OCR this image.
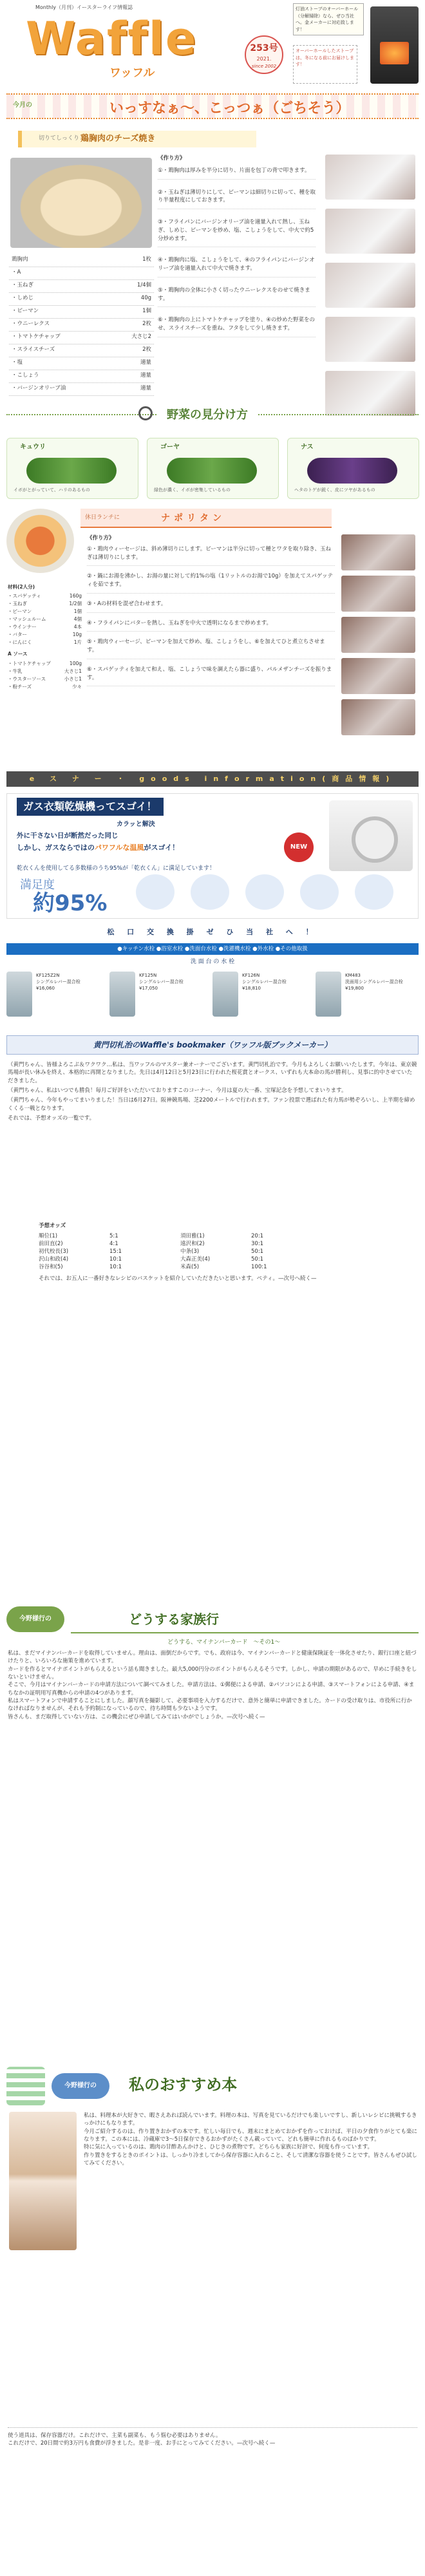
Monthly（月刊）イースターライフ情報誌
Waffle
ワッフル
253号
2021.
since 2002
灯油ストーブのオーバーホール（分解掃除）なら、ぜひ当社へ。金メーカーに対応致します！
オーバーホールしたストーブは、冬になる前にお届けします！
今月の	いっすなぁ〜、こっつぁ（ごちそう）
切りてしっくり 鶏胸肉のチーズ焼き
鶏胸肉	1枚
・A
・玉ねぎ	1/4個
・しめじ	40g
・ピーマン	1個
・ウニーレクス	2枚
・トマトケチャップ	大さじ2
・スライスチーズ	2枚
・塩	適量
・こしょう	適量
・バージンオリーブ油	適量
《作り方》

①・鶏胸肉は厚みを半分に切り、片面を包丁の背で叩きます。

②・玉ねぎは薄切りにして、ピーマンは細切りに切って、種を取り半量程度にしておきます。

③・フライパンにバージンオリーブ油を適量入れて熱し、玉ねぎ、しめじ、ピーマンを炒め、塩、こしょうをして、中火で約5分炒めます。

④・鶏胸肉に塩、こしょうをして、④のフライパンにバージンオリーブ油を適量入れて中火で焼きます。

⑤・鶏胸肉の全体に小さく切ったウニーレクスをのせて焼きます。

⑥・鶏胸肉の上にトマトケチャップを塗り、④の炒めた野菜をのせ、スライスチーズを重ね、フタをして少し焼きます。

野菜の見分け方
キュウリ
イボがとがっていて、ハリのあるもの
ゴーヤ
緑色が濃く、イボが密集しているもの
ナス
ヘタのトゲが鋭く、皮にツヤがあるもの
休日ランチに	ナポリタン
材料(2人分)
・スパゲッティ	160g
・玉ねぎ	1/2個
・ピーマン	1個
・マッシュルーム	4個
・ウインナー	4本
・バター	10g
・にんにく	1片
A ソース
・トマトケチャップ	100g
・牛乳	大さじ1
・ウスターソース	小さじ1
・粉チーズ	少々
《作り方》

①・鶏肉ウィーセージは、斜め薄切りにします。ピーマンは半分に切って種とワタを取り除き、玉ねぎは薄切りにします。

②・鍋にお湯を沸かし、お湯の量に対して約1%の塩（1リットルのお湯で10g）を加えてスパゲッティを茹でます。

③・Aの材料を混ぜ合わせます。

④・フライパンにバターを熱し、玉ねぎを中火で透明になるまで炒めます。

⑤・鶏肉ウィーセージ、ピーマンを加えて炒め、塩、こしょうをし、⑥を加えてひと煮立ちさせます。

⑥・スパゲッティを加えて和え、塩、こしょうで味を調えたら器に盛り、パルメザンチーズを振ります。

e ス ナ ー ・ goods information(商品情報)
ガス衣類乾燥機ってスゴイ！
カラッと解決
外に干さない日が断然だった同じ
しかし、ガスならではのパワフルな温風がスゴイ！	NEW
乾衣くんを使用してる多数様のうち95%が「乾衣くん」に満足しています！
満足度
約95%
松 口 交 換 掛 ゼ ひ 当 社 へ ！
●キッチン水栓 ●浴室水栓 ●洗面台水栓 ●洗濯機水栓 ●外水栓 ●その他取扱
洗 面 台 の 水 栓
KF125Z2N
シングルレバー混合栓
¥16,060
KF125N
シングルレバー混合栓
¥17,050
KF126N
シングルレバー混合栓
¥18,810
KM483
洗面用シングルレバー混合栓
¥19,800
黄門切札治のWaffle's bookmaker（ワッフル版ブックメーカー）

（黄門ちゃん、皆様よろこぶ＆ワクワク…私は、当ワッフルのマスター兼オーナーでございます。黄門切札治です。今月もよろしくお願いいたします。今年は、東京競馬場が長い休みを終え、本格的に再開となりました。先日は4月12日と5月23日に行われた桜花賞とオークス、いずれも大本命の馬が勝利し、見事に的中させていただきました。

（黄門ちゃん、私はいつでも勝負！毎月ご好評をいただいておりますこのコーナー、今月は夏の大一番、宝塚記念を予想してまいります。

（黄門ちゃん、今年もやってまいりました！当日は6月27日。阪神競馬場、芝2200メートルで行われます。ファン投票で選ばれた有力馬が勢ぞろいし、上半期を締めくくる一戦となります。

それでは、予想オッズの一覧です。

予想オッズ
順位(1)	5:1	須田雅(1)	20:1
前田直(2)	4:1	遠沢和(2)	30:1
初代校長(3)	15:1	中条(3)	50:1
沢山和政(4)	10:1	大森正美(4)	50:1
谷谷和(5)	10:1	米森(5)	100:1
それでは、お五人に一番好きなレシピのバスケットを紹介していただきたいと思います。ペティ。—次号へ続く—
今野様行の	どうする家族行
どうする、マイナンバーカード　〜その1〜

私は、まだマイナンバーカードを取得していません。理由は、面倒だからです。でも、政府は今、マイナンバーカードと健康保険証を一体化させたり、銀行口座と紐づけたりと、いろいろな施策を進めています。

カードを作るとマイナポイントがもらえるという話も聞きました。最大5,000円分のポイントがもらえるそうです。しかし、申請の期限があるので、早めに手続きをしないといけません。

そこで、今月はマイナンバーカードの申請方法について調べてみました。申請方法は、①郵便による申請、②パソコンによる申請、③スマートフォンによる申請、④まちなかの証明用写真機からの申請の4つがあります。

私はスマートフォンで申請することにしました。顔写真を撮影して、必要事項を入力するだけで、意外と簡単に申請できました。カードの受け取りは、市役所に行かなければなりませんが、それも予約制になっているので、待ち時間も少ないようです。

皆さんも、まだ取得していない方は、この機会にぜひ申請してみてはいかがでしょうか。—次号へ続く—

今野様行の	私のおすすめ本

私は、料理本が大好きで、暇さえあれば読んでいます。料理の本は、写真を見ているだけでも楽しいですし、新しいレシピに挑戦するきっかけにもなります。

今月ご紹介するのは、作り置きおかずの本です。忙しい毎日でも、週末にまとめておかずを作っておけば、平日の夕食作りがとても楽になります。この本には、冷蔵庫で3〜5日保存できるおかずがたくさん載っていて、どれも簡単に作れるものばかりです。

特に気に入っているのは、鶏肉の甘酢あんかけと、ひじきの煮物です。どちらも家族に好評で、何度も作っています。

作り置きをするときのポイントは、しっかり冷ましてから保存容器に入れること、そして清潔な容器を使うことです。皆さんもぜひ試してみてください。

使う道具は、保存容器だけ。これだけで、主菜も副菜も、もう悩む必要はありません。

これだけで、20日間で約3万円も食費が浮きました。是非一度、お手にとってみてください。—次号へ続く—
